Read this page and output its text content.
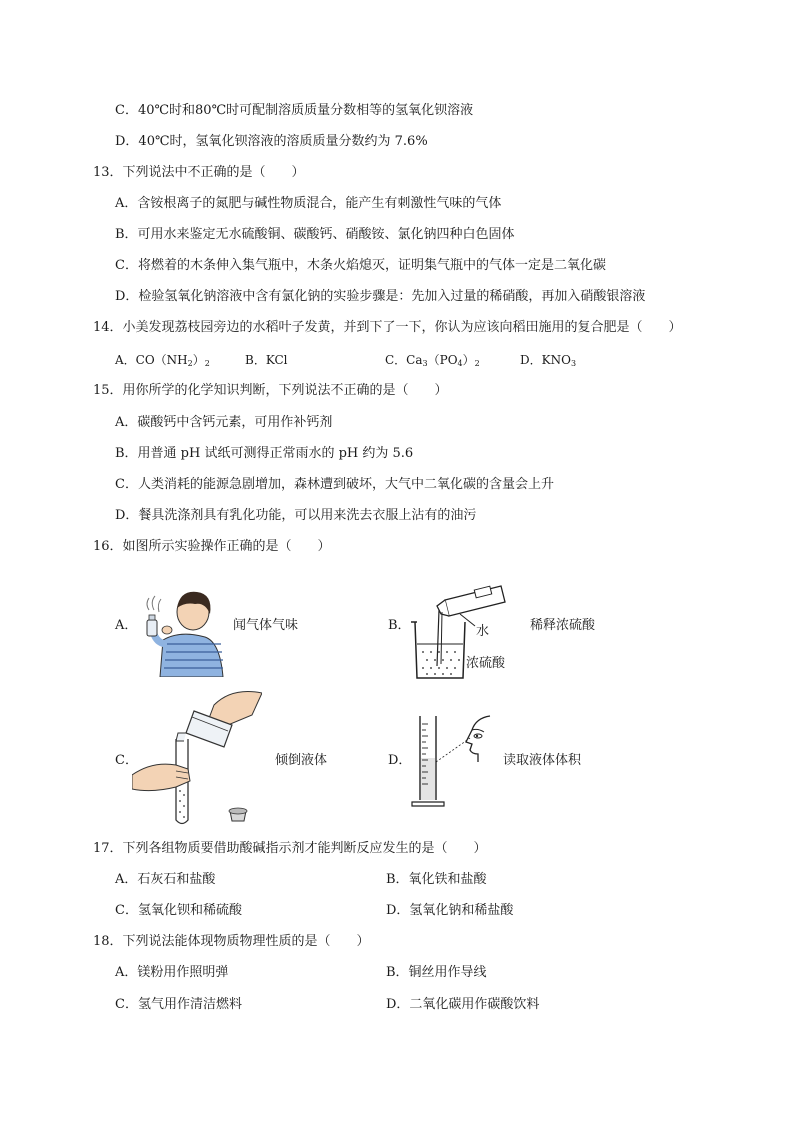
C．40℃时和80℃时可配制溶质质量分数相等的氢氧化钡溶液
D．40℃时，氢氧化钡溶液的溶质质量分数约为 7.6%
13．下列说法中不正确的是（　　）
A．含铵根离子的氮肥与碱性物质混合，能产生有刺激性气味的气体
B．可用水来鉴定无水硫酸铜、碳酸钙、硝酸铵、氯化钠四种白色固体
C．将燃着的木条伸入集气瓶中，木条火焰熄灭，证明集气瓶中的气体一定是二氧化碳
D．检验氢氧化钠溶液中含有氯化钠的实验步骤是：先加入过量的稀硝酸，再加入硝酸银溶液
14．小美发现荔枝园旁边的水稻叶子发黄，并到下了一下，你认为应该向稻田施用的复合肥是（　　）
A．$CO(NH_2)_2$	B．KCl	C．$Ca_3(PO_4)_2$	D．$KNO_3$
15．用你所学的化学知识判断，下列说法不正确的是（　　）
A．碳酸钙中含钙元素，可用作补钙剂
B．用普通 pH 试纸可测得正常雨水的 pH 约为 5.6
C．人类消耗的能源急剧增加，森林遭到破坏，大气中二氧化碳的含量会上升
D．餐具洗涤剂具有乳化功能，可以用来洗去衣服上沾有的油污
16．如图所示实验操作正确的是（　　）
A．	闻气体气味	B．	水
浓硫酸
稀释浓硫酸
C．	倾倒液体	D．	读取液体体积
17．下列各组物质要借助酸碱指示剂才能判断反应发生的是（　　）
A．石灰石和盐酸	B．氧化铁和盐酸
C．氢氧化钡和稀硫酸	D．氢氧化钠和稀盐酸
18．下列说法能体现物质物理性质的是（　　）
A．镁粉用作照明弹	B．铜丝用作导线
C．氢气用作清洁燃料	D．二氧化碳用作碳酸饮料
